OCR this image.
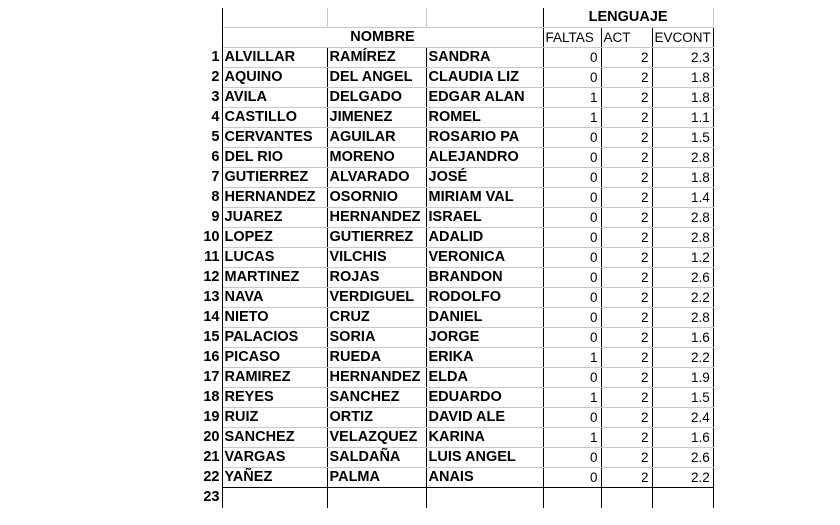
				LENGUAJE		
	NOMBRE			FALTAS	ACT	EVCONT
1	ALVILLAR	RAMÍREZ	SANDRA	0	2	2.3
2	AQUINO	DEL ANGEL	CLAUDIA LIZ	0	2	1.8
3	AVILA	DELGADO	EDGAR ALAN	1	2	1.8
4	CASTILLO	JIMENEZ	ROMEL	1	2	1.1
5	CERVANTES	AGUILAR	ROSARIO PA	0	2	1.5
6	DEL RIO	MORENO	ALEJANDRO	0	2	2.8
7	GUTIERREZ	ALVARADO	JOSÉ	0	2	1.8
8	HERNANDEZ	OSORNIO	MIRIAM VAL	0	2	1.4
9	JUAREZ	HERNANDEZ	ISRAEL	0	2	2.8
10	LOPEZ	GUTIERREZ	ADALID	0	2	2.8
11	LUCAS	VILCHIS	VERONICA	0	2	1.2
12	MARTINEZ	ROJAS	BRANDON	0	2	2.6
13	NAVA	VERDIGUEL	RODOLFO	0	2	2.2
14	NIETO	CRUZ	DANIEL	0	2	2.8
15	PALACIOS	SORIA	JORGE	0	2	1.6
16	PICASO	RUEDA	ERIKA	1	2	2.2
17	RAMIREZ	HERNANDEZ	ELDA	0	2	1.9
18	REYES	SANCHEZ	EDUARDO	1	2	1.5
19	RUIZ	ORTIZ	DAVID ALE	0	2	2.4
20	SANCHEZ	VELAZQUEZ	KARINA	1	2	1.6
21	VARGAS	SALDAÑA	LUIS ANGEL	0	2	2.6
22	YAÑEZ	PALMA	ANAIS	0	2	2.2
23						
